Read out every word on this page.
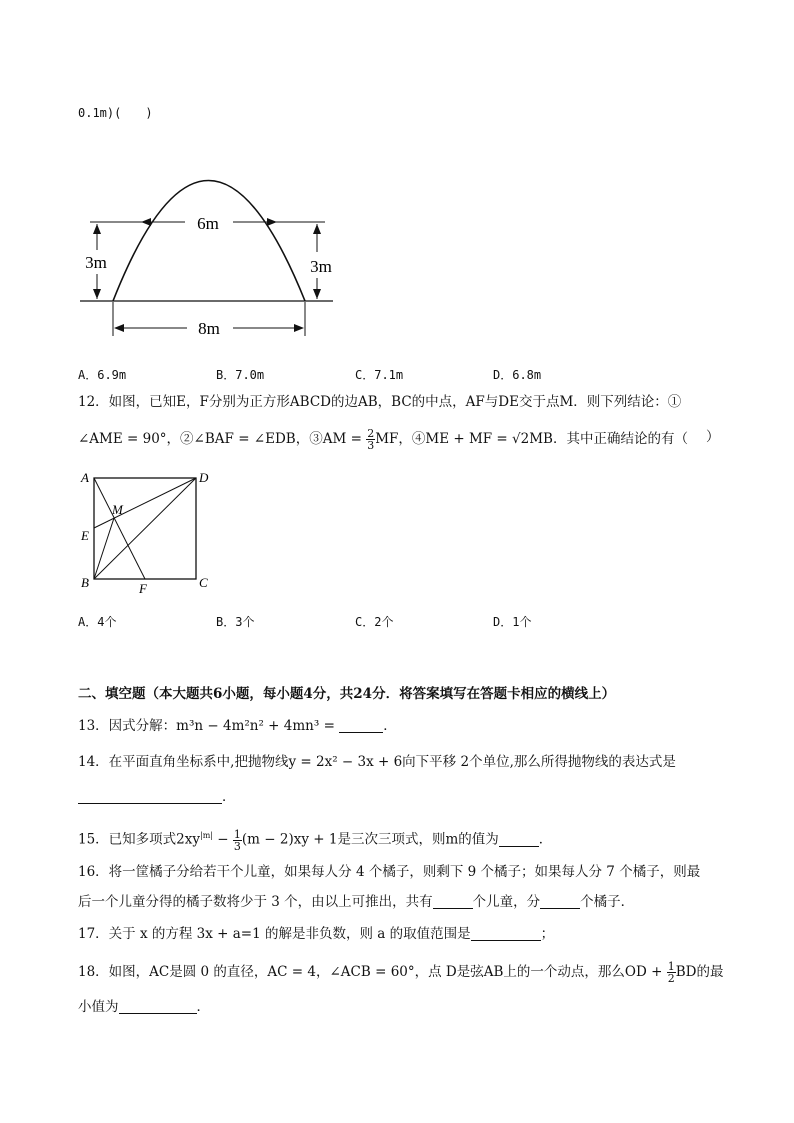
0.1m)(　　)
6m
3m	3m
8m
A．6.9m	B．7.0m	C．7.1m	D．6.8m
12．如图，已知E，F分别为正方形ABCD的边AB，BC的中点，AF与DE交于点M．则下列结论：①
∠AME = 90°，②∠BAF = ∠EDB，③AM = $\frac{2}{3}$ MF，④ME + MF = √2MB．其中正确结论的有（ ）
A	D
E
M
B	C
F
A．4个	B．3个	C．2个	D．1个
二、填空题（本大题共6小题，每小题4分，共24分．将答案填写在答题卡相应的横线上）
13．因式分解：m³n − 4m²n² + 4mn³ =	．
14．在平面直角坐标系中,把抛物线y = 2x² − 3x + 6向下平移 2个单位,那么所得抛物线的表达式是
．
15．已知多项式$2xy^{|m|} - \frac{1}{3} (m - 2)xy + 1$是三次三项式，则m的值为	．
16．将一筐橘子分给若干个儿童，如果每人分 4 个橘子，则剩下 9 个橘子；如果每人分 7 个橘子，则最
后一个儿童分得的橘子数将少于 3 个，由以上可推出，共有	个儿童，分	个橘子．
17．关于 x 的方程 3x + a=1 的解是非负数，则 a 的取值范围是	；
18．如图，AC是圆 0 的直径，AC = 4，∠ACB = 60°，点 D是弦AB上的一个动点，那么OD + $\frac{1}{2}$ BD的最
小值为	．
